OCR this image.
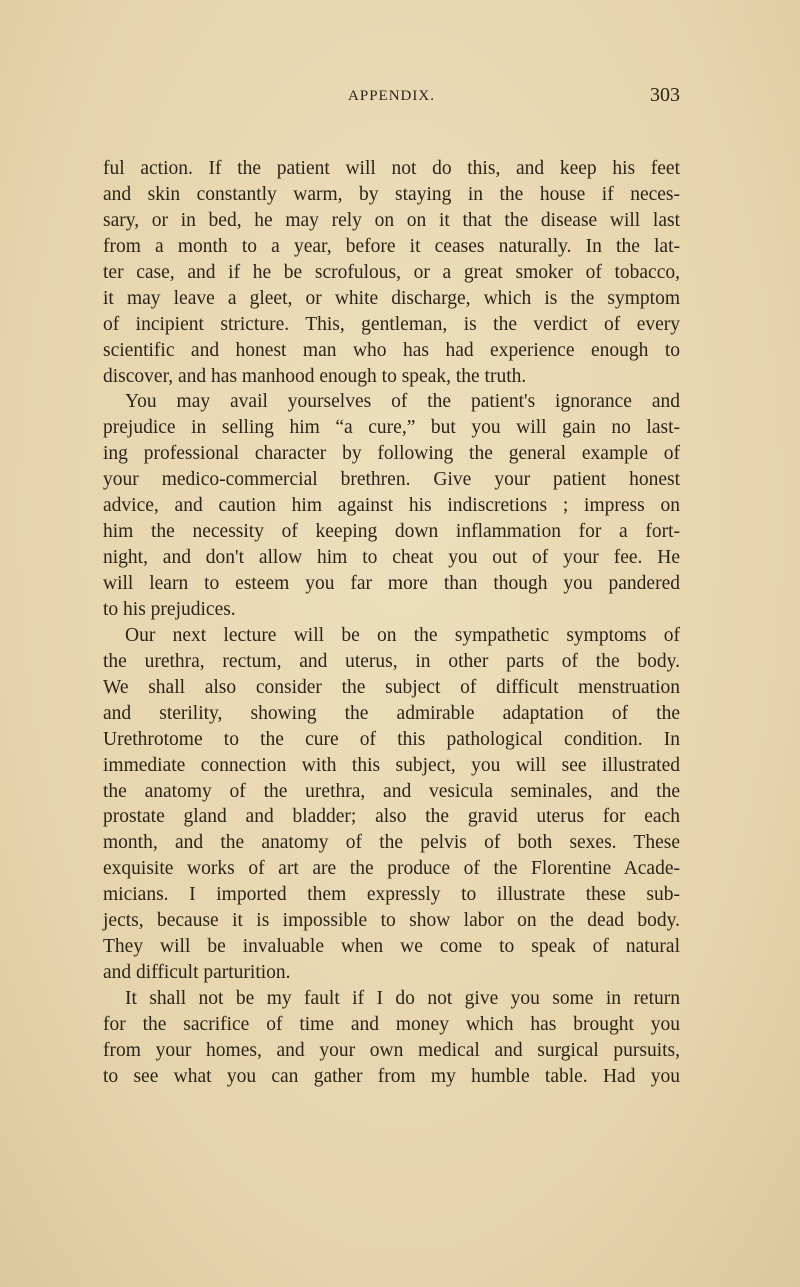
APPENDIX.	303
ful action. If the patient will not do this, and keep his feet
and skin constantly warm, by staying in the house if neces-
sary, or in bed, he may rely on on it that the disease will last
from a month to a year, before it ceases naturally. In the lat-
ter case, and if he be scrofulous, or a great smoker of tobacco,
it may leave a gleet, or white discharge, which is the symptom
of incipient stricture. This, gentleman, is the verdict of every
scientific and honest man who has had experience enough to
discover, and has manhood enough to speak, the truth.
You may avail yourselves of the patient's ignorance and
prejudice in selling him “a cure,” but you will gain no last-
ing professional character by following the general example of
your medico-commercial brethren. Give your patient honest
advice, and caution him against his indiscretions ; impress on
him the necessity of keeping down inflammation for a fort-
night, and don't allow him to cheat you out of your fee. He
will learn to esteem you far more than though you pandered
to his prejudices.
Our next lecture will be on the sympathetic symptoms of
the urethra, rectum, and uterus, in other parts of the body.
We shall also consider the subject of difficult menstruation
and sterility, showing the admirable adaptation of the
Urethrotome to the cure of this pathological condition. In
immediate connection with this subject, you will see illustrated
the anatomy of the urethra, and vesicula seminales, and the
prostate gland and bladder; also the gravid uterus for each
month, and the anatomy of the pelvis of both sexes. These
exquisite works of art are the produce of the Florentine Acade-
micians. I imported them expressly to illustrate these sub-
jects, because it is impossible to show labor on the dead body.
They will be invaluable when we come to speak of natural
and difficult parturition.
It shall not be my fault if I do not give you some in return
for the sacrifice of time and money which has brought you
from your homes, and your own medical and surgical pursuits,
to see what you can gather from my humble table. Had you
